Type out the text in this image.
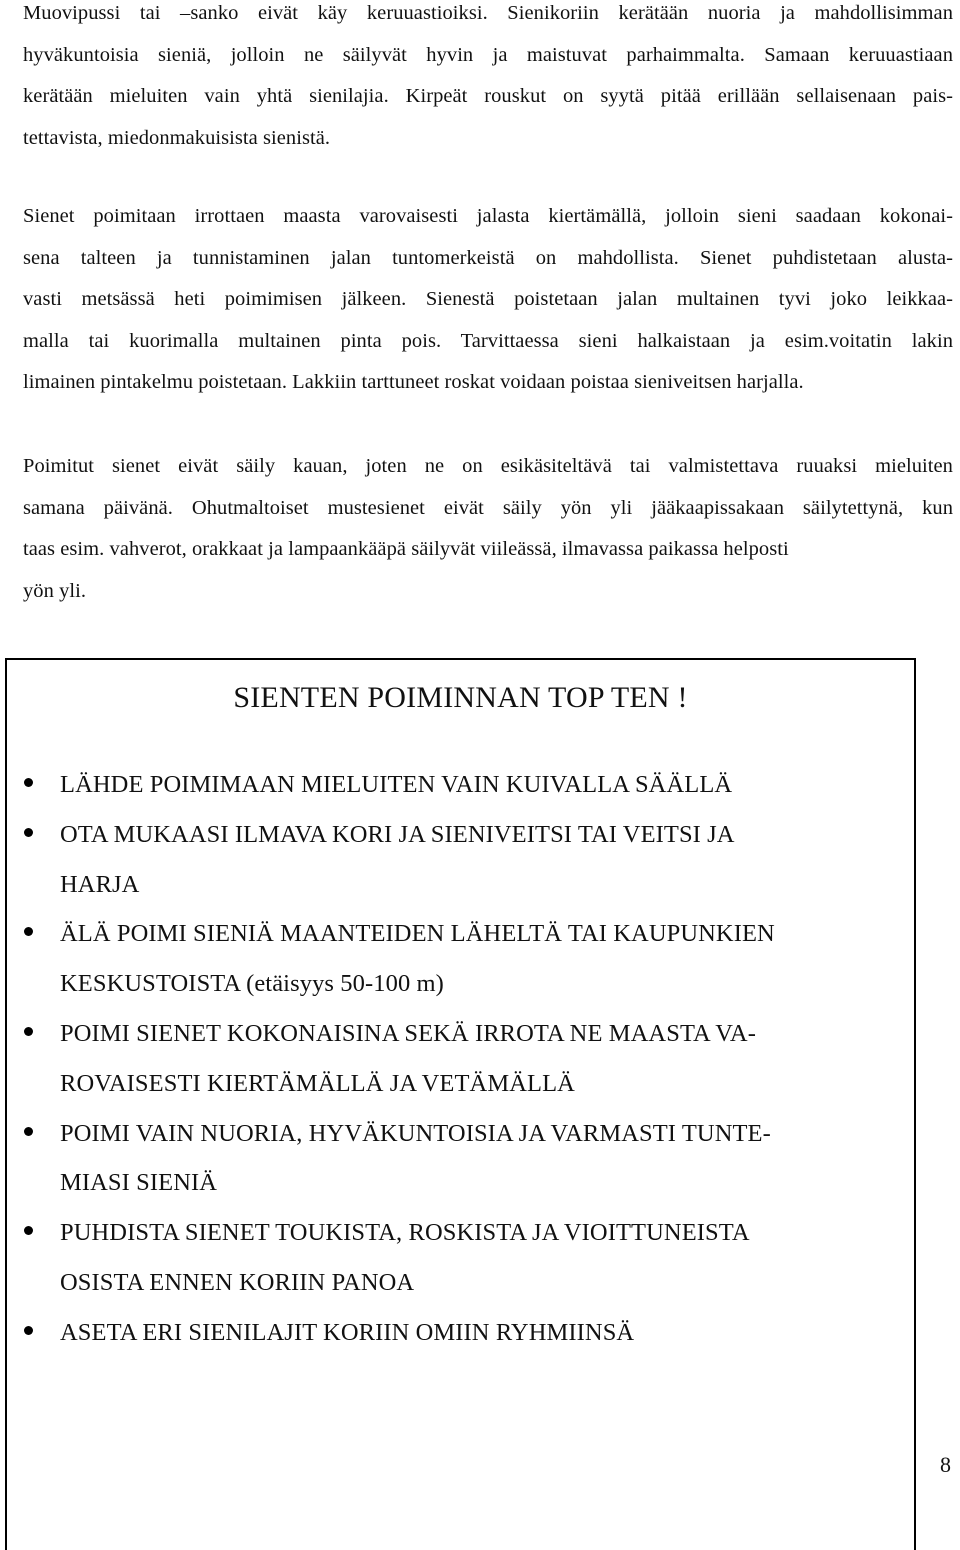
Muovipussi tai –sanko eivät käy keruuastioiksi. Sienikoriin kerätään nuoria ja mahdollisimman
hyväkuntoisia sieniä, jolloin ne säilyvät hyvin ja maistuvat parhaimmalta. Samaan keruuastiaan
kerätään mieluiten vain yhtä sienilajia. Kirpeät rouskut on syytä pitää erillään sellaisenaan pais-
tettavista, miedonmakuisista sienistä.
Sienet poimitaan irrottaen maasta varovaisesti jalasta kiertämällä, jolloin sieni saadaan kokonai-
sena talteen ja tunnistaminen jalan tuntomerkeistä on mahdollista. Sienet puhdistetaan alusta-
vasti metsässä heti poimimisen jälkeen. Sienestä poistetaan jalan multainen tyvi joko leikkaa-
malla tai kuorimalla multainen pinta pois. Tarvittaessa sieni halkaistaan ja esim.voitatin lakin
limainen pintakelmu poistetaan. Lakkiin tarttuneet roskat voidaan poistaa sieniveitsen harjalla.
Poimitut sienet eivät säily kauan, joten ne on esikäsiteltävä tai valmistettava ruuaksi mieluiten
samana päivänä. Ohutmaltoiset mustesienet eivät säily yön yli jääkaapissakaan säilytettynä, kun
taas esim. vahverot, orakkaat ja lampaankääpä säilyvät viileässä, ilmavassa paikassa helposti
yön yli.
SIENTEN POIMINNAN TOP TEN !
LÄHDE POIMIMAAN MIELUITEN VAIN KUIVALLA SÄÄLLÄ
OTA MUKAASI ILMAVA KORI JA SIENIVEITSI TAI VEITSI JA
HARJA
ÄLÄ POIMI SIENIÄ MAANTEIDEN LÄHELTÄ TAI KAUPUNKIEN
KESKUSTOISTA (etäisyys 50-100 m)
POIMI SIENET KOKONAISINA SEKÄ IRROTA NE MAASTA VA-
ROVAISESTI KIERTÄMÄLLÄ JA VETÄMÄLLÄ
POIMI VAIN NUORIA, HYVÄKUNTOISIA JA VARMASTI TUNTE-
MIASI SIENIÄ
PUHDISTA SIENET TOUKISTA, ROSKISTA JA VIOITTUNEISTA
OSISTA ENNEN KORIIN PANOA
ASETA ERI SIENILAJIT KORIIN OMIIN RYHMIINSÄ
8
